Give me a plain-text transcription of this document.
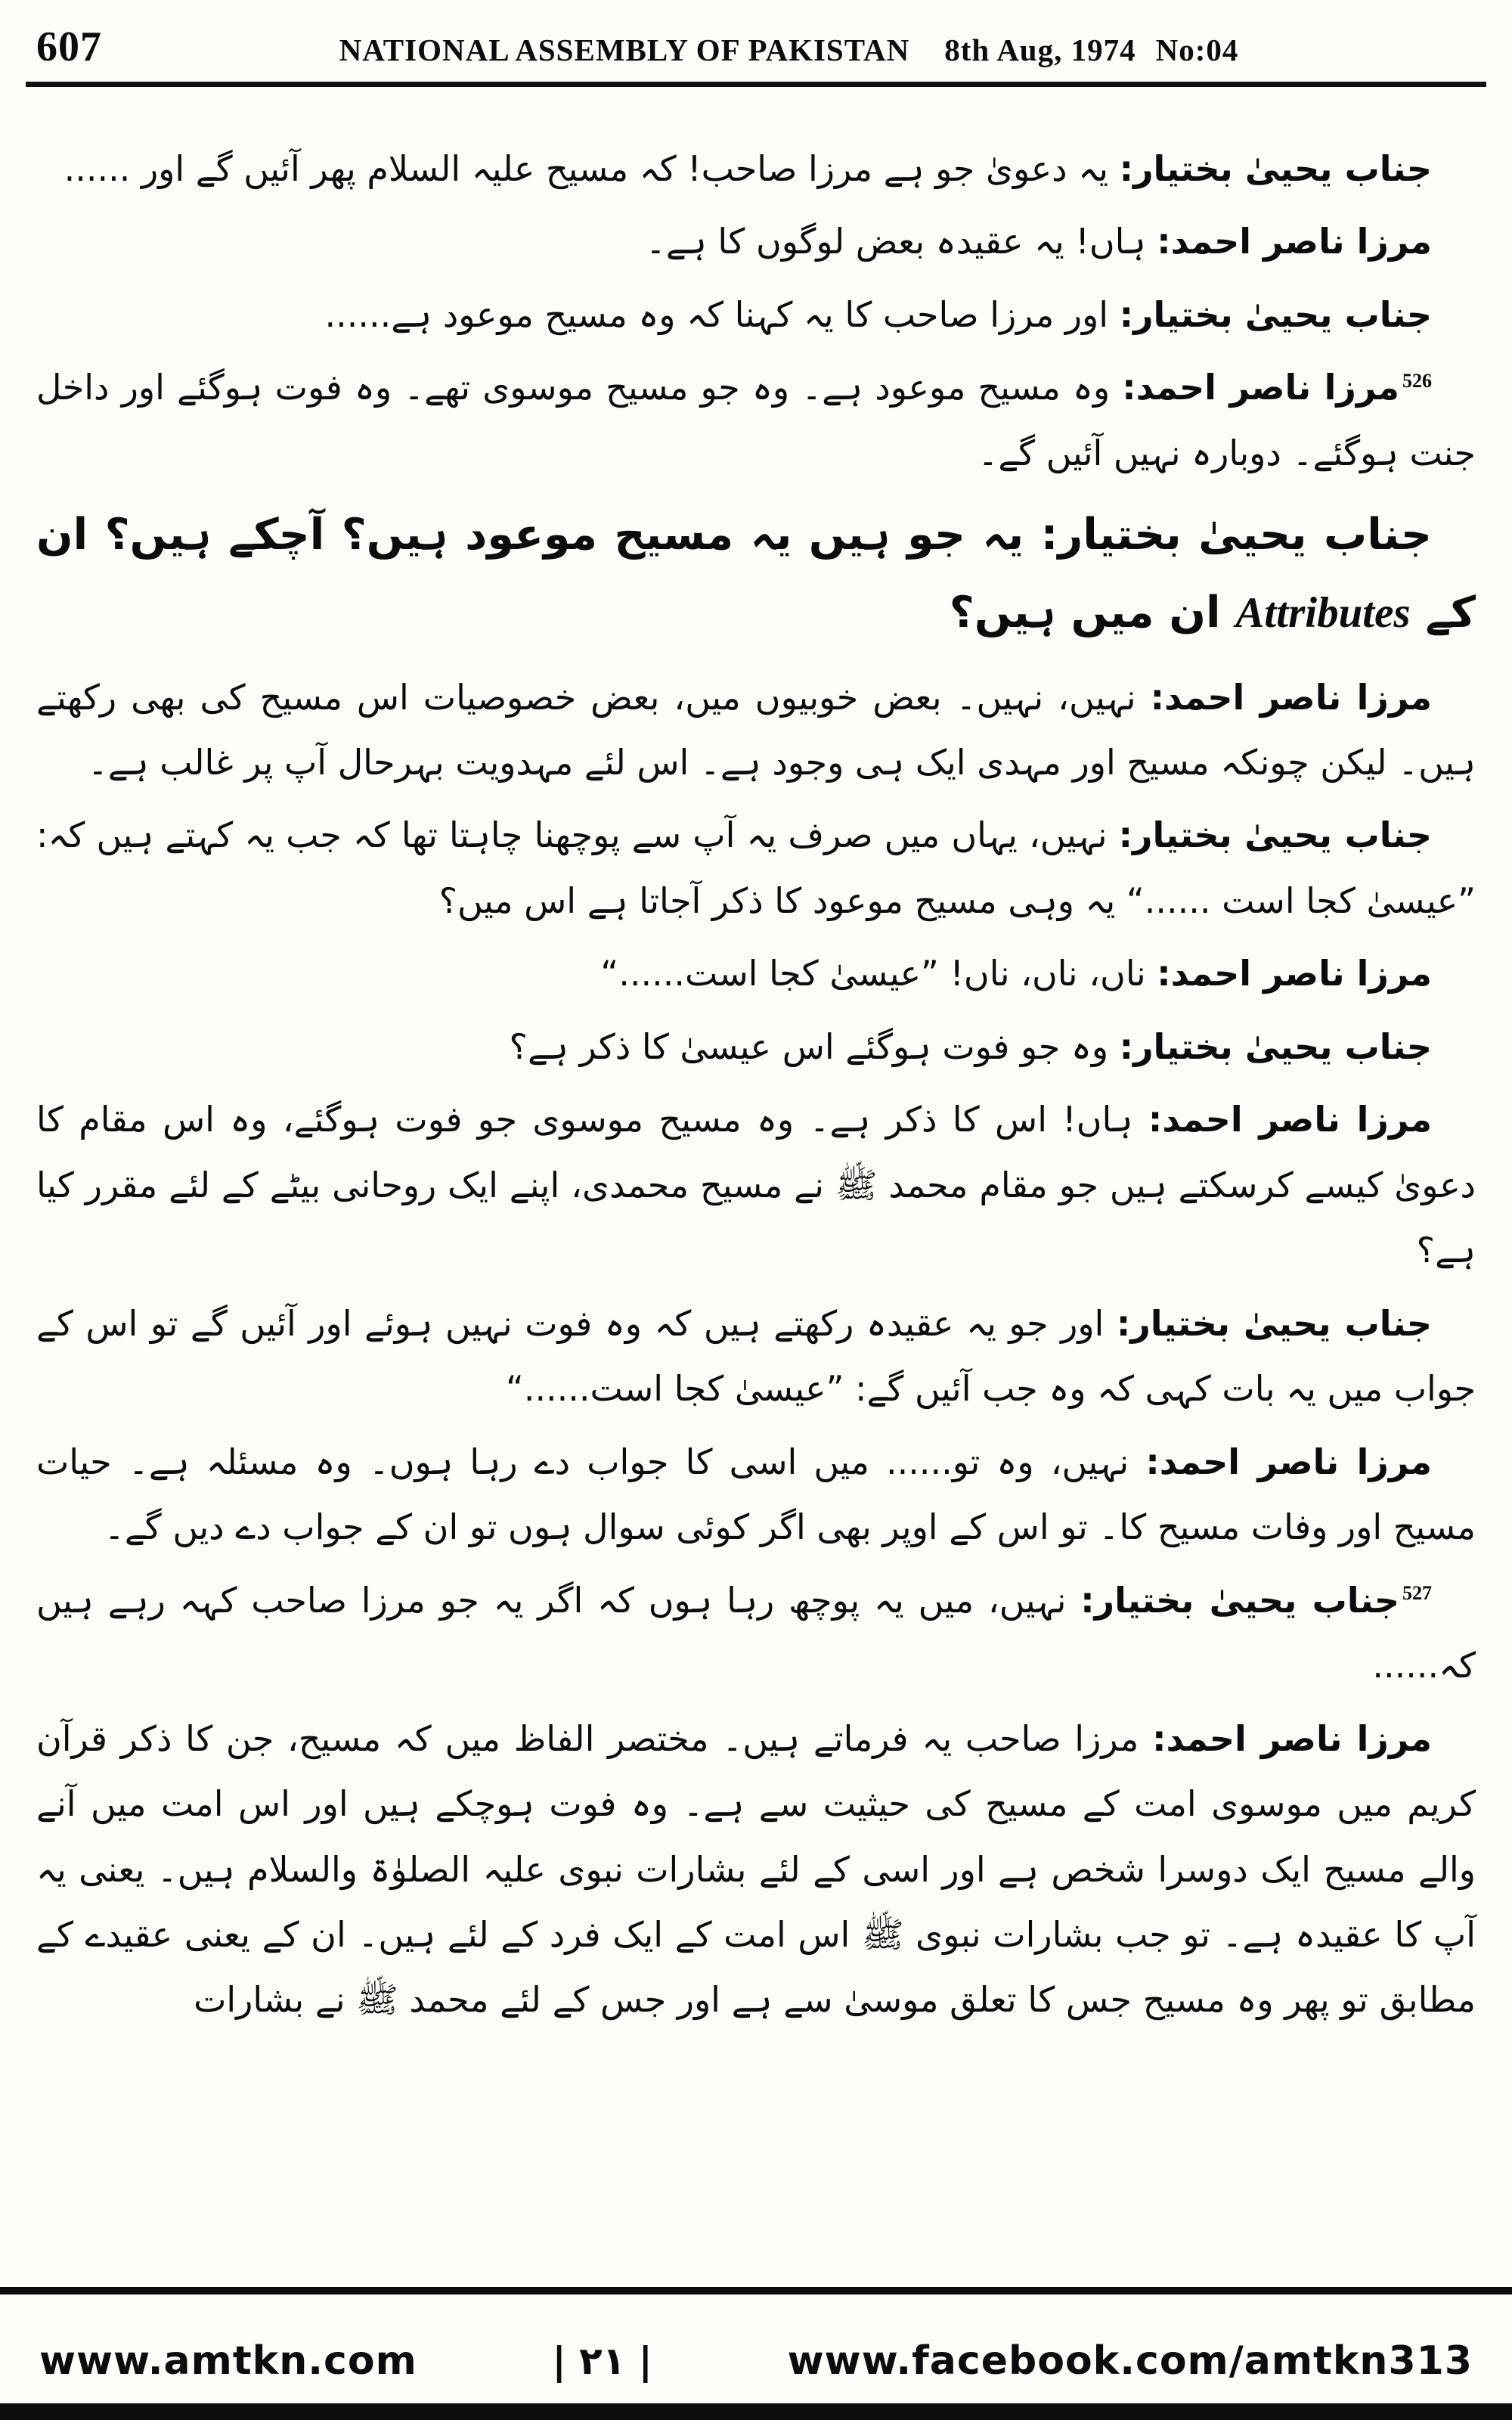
607	NATIONAL ASSEMBLY OF PAKISTAN 8th Aug, 1974 No:04

جناب یحییٰ بختیار: یہ دعویٰ جو ہے مرزا صاحب! کہ مسیح علیہ السلام پھر آئیں گے اور ......

مرزا ناصر احمد: ہاں! یہ عقیدہ بعض لوگوں کا ہے۔

جناب یحییٰ بختیار: اور مرزا صاحب کا یہ کہنا کہ وہ مسیح موعود ہے......

$^{526}$مرزا ناصر احمد: وہ مسیح موعود ہے۔ وہ جو مسیح موسوی تھے۔ وہ فوت ہوگئے اور داخل جنت ہوگئے۔ دوبارہ نہیں آئیں گے۔

جناب یحییٰ بختیار: یہ جو ہیں یہ مسیح موعود ہیں؟ آچکے ہیں؟ ان کے Attributes ان میں ہیں؟

مرزا ناصر احمد: نہیں، نہیں۔ بعض خوبیوں میں، بعض خصوصیات اس مسیح کی بھی رکھتے ہیں۔ لیکن چونکہ مسیح اور مہدی ایک ہی وجود ہے۔ اس لئے مہدویت بہرحال آپ پر غالب ہے۔

جناب یحییٰ بختیار: نہیں، یہاں میں صرف یہ آپ سے پوچھنا چاہتا تھا کہ جب یہ کہتے ہیں کہ: ”عیسیٰ کجا است ......“ یہ وہی مسیح موعود کا ذکر آجاتا ہے اس میں؟

مرزا ناصر احمد: ناں، ناں، ناں! ”عیسیٰ کجا است......“

جناب یحییٰ بختیار: وہ جو فوت ہوگئے اس عیسیٰ کا ذکر ہے؟

مرزا ناصر احمد: ہاں! اس کا ذکر ہے۔ وہ مسیح موسوی جو فوت ہوگئے، وہ اس مقام کا دعویٰ کیسے کرسکتے ہیں جو مقام محمد ﷺ نے مسیح محمدی، اپنے ایک روحانی بیٹے کے لئے مقرر کیا ہے؟

جناب یحییٰ بختیار: اور جو یہ عقیدہ رکھتے ہیں کہ وہ فوت نہیں ہوئے اور آئیں گے تو اس کے جواب میں یہ بات کہی کہ وہ جب آئیں گے: ”عیسیٰ کجا است......“

مرزا ناصر احمد: نہیں، وہ تو...... میں اسی کا جواب دے رہا ہوں۔ وہ مسئلہ ہے۔ حیات مسیح اور وفات مسیح کا۔ تو اس کے اوپر بھی اگر کوئی سوال ہوں تو ان کے جواب دے دیں گے۔

$^{527}$جناب یحییٰ بختیار: نہیں، میں یہ پوچھ رہا ہوں کہ اگر یہ جو مرزا صاحب کہہ رہے ہیں کہ......

مرزا ناصر احمد: مرزا صاحب یہ فرماتے ہیں۔ مختصر الفاظ میں کہ مسیح، جن کا ذکر قرآن کریم میں موسوی امت کے مسیح کی حیثیت سے ہے۔ وہ فوت ہوچکے ہیں اور اس امت میں آنے والے مسیح ایک دوسرا شخص ہے اور اسی کے لئے بشارات نبوی علیہ الصلوٰۃ والسلام ہیں۔ یعنی یہ آپ کا عقیدہ ہے۔ تو جب بشارات نبوی ﷺ اس امت کے ایک فرد کے لئے ہیں۔ ان کے یعنی عقیدے کے مطابق تو پھر وہ مسیح جس کا تعلق موسیٰ سے ہے اور جس کے لئے محمد ﷺ نے بشارات

www.amtkn.com	| ۲۱ |	www.facebook.com/amtkn313
